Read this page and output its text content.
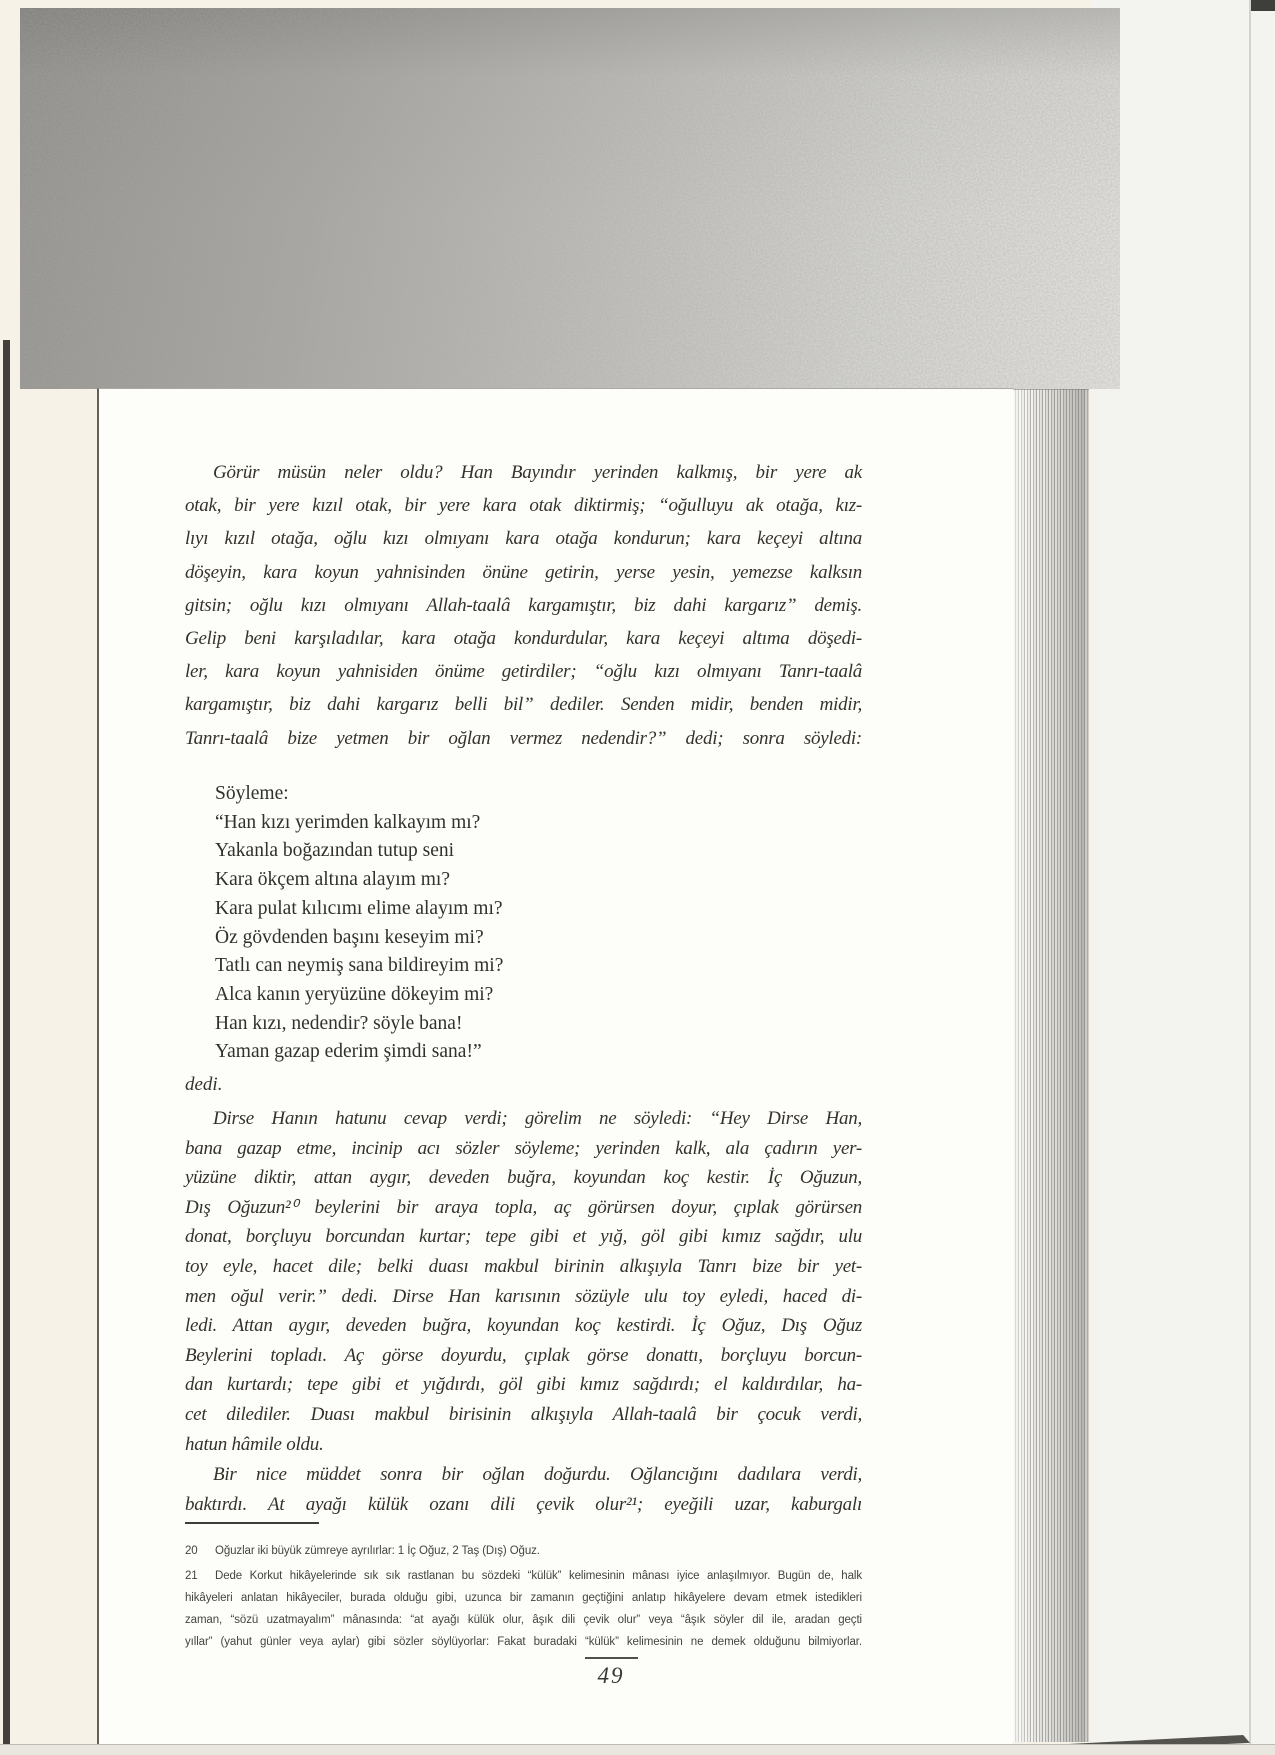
Görür müsün neler oldu? Han Bayındır yerinden kalkmış, bir yere ak
otak, bir yere kızıl otak, bir yere kara otak diktirmiş; “oğulluyu ak otağa, kız-
lıyı kızıl otağa, oğlu kızı olmıyanı kara otağa kondurun; kara keçeyi altına
döşeyin, kara koyun yahnisinden önüne getirin, yerse yesin, yemezse kalksın
gitsin; oğlu kızı olmıyanı Allah-taalâ kargamıştır, biz dahi kargarız” demiş.
Gelip beni karşıladılar, kara otağa kondurdular, kara keçeyi altıma döşedi-
ler, kara koyun yahnisiden önüme getirdiler; “oğlu kızı olmıyanı Tanrı-taalâ
kargamıştır, biz dahi kargarız belli bil” dediler. Senden midir, benden midir,
Tanrı-taalâ bize yetmen bir oğlan vermez nedendir?” dedi; sonra söyledi:
Söyleme:
“Han kızı yerimden kalkayım mı?
Yakanla boğazından tutup seni
Kara ökçem altına alayım mı?
Kara pulat kılıcımı elime alayım mı?
Öz gövdenden başını keseyim mi?
Tatlı can neymiş sana bildireyim mi?
Alca kanın yeryüzüne dökeyim mi?
Han kızı, nedendir? söyle bana!
Yaman gazap ederim şimdi sana!”
dedi.
Dirse Hanın hatunu cevap verdi; görelim ne söyledi: “Hey Dirse Han,
bana gazap etme, incinip acı sözler söyleme; yerinden kalk, ala çadırın yer-
yüzüne diktir, attan aygır, deveden buğra, koyundan koç kestir. İç Oğuzun,
Dış Oğuzun²⁰ beylerini bir araya topla, aç görürsen doyur, çıplak görürsen
donat, borçluyu borcundan kurtar; tepe gibi et yığ, göl gibi kımız sağdır, ulu
toy eyle, hacet dile; belki duası makbul birinin alkışıyla Tanrı bize bir yet-
men oğul verir.” dedi. Dirse Han karısının sözüyle ulu toy eyledi, haced di-
ledi. Attan aygır, deveden buğra, koyundan koç kestirdi. İç Oğuz, Dış Oğuz
Beylerini topladı. Aç görse doyurdu, çıplak görse donattı, borçluyu borcun-
dan kurtardı; tepe gibi et yığdırdı, göl gibi kımız sağdırdı; el kaldırdılar, ha-
cet dilediler. Duası makbul birisinin alkışıyla Allah-taalâ bir çocuk verdi,
hatun hâmile oldu.
Bir nice müddet sonra bir oğlan doğurdu. Oğlancığını dadılara verdi,
baktırdı. At ayağı külük ozanı dili çevik olur²¹; eyeğili uzar, kaburgalı
20 Oğuzlar iki büyük zümreye ayrılırlar: 1 İç Oğuz, 2 Taş (Dış) Oğuz.
21 Dede Korkut hikâyelerinde sık sık rastlanan bu sözdeki “külük” kelimesinin mânası iyice anlaşılmıyor. Bugün de, halk
hikâyeleri anlatan hikâyeciler, burada olduğu gibi, uzunca bir zamanın geçtiğini anlatıp hikâyelere devam etmek istedikleri
zaman, “sözü uzatmayalım” mânasında: “at ayağı külük olur, âşık dili çevik olur” veya “âşık söyler dil ile, aradan geçti
yıllar” (yahut günler veya aylar) gibi sözler söylüyorlar: Fakat buradaki “külük” kelimesinin ne demek olduğunu bilmiyorlar.
49
